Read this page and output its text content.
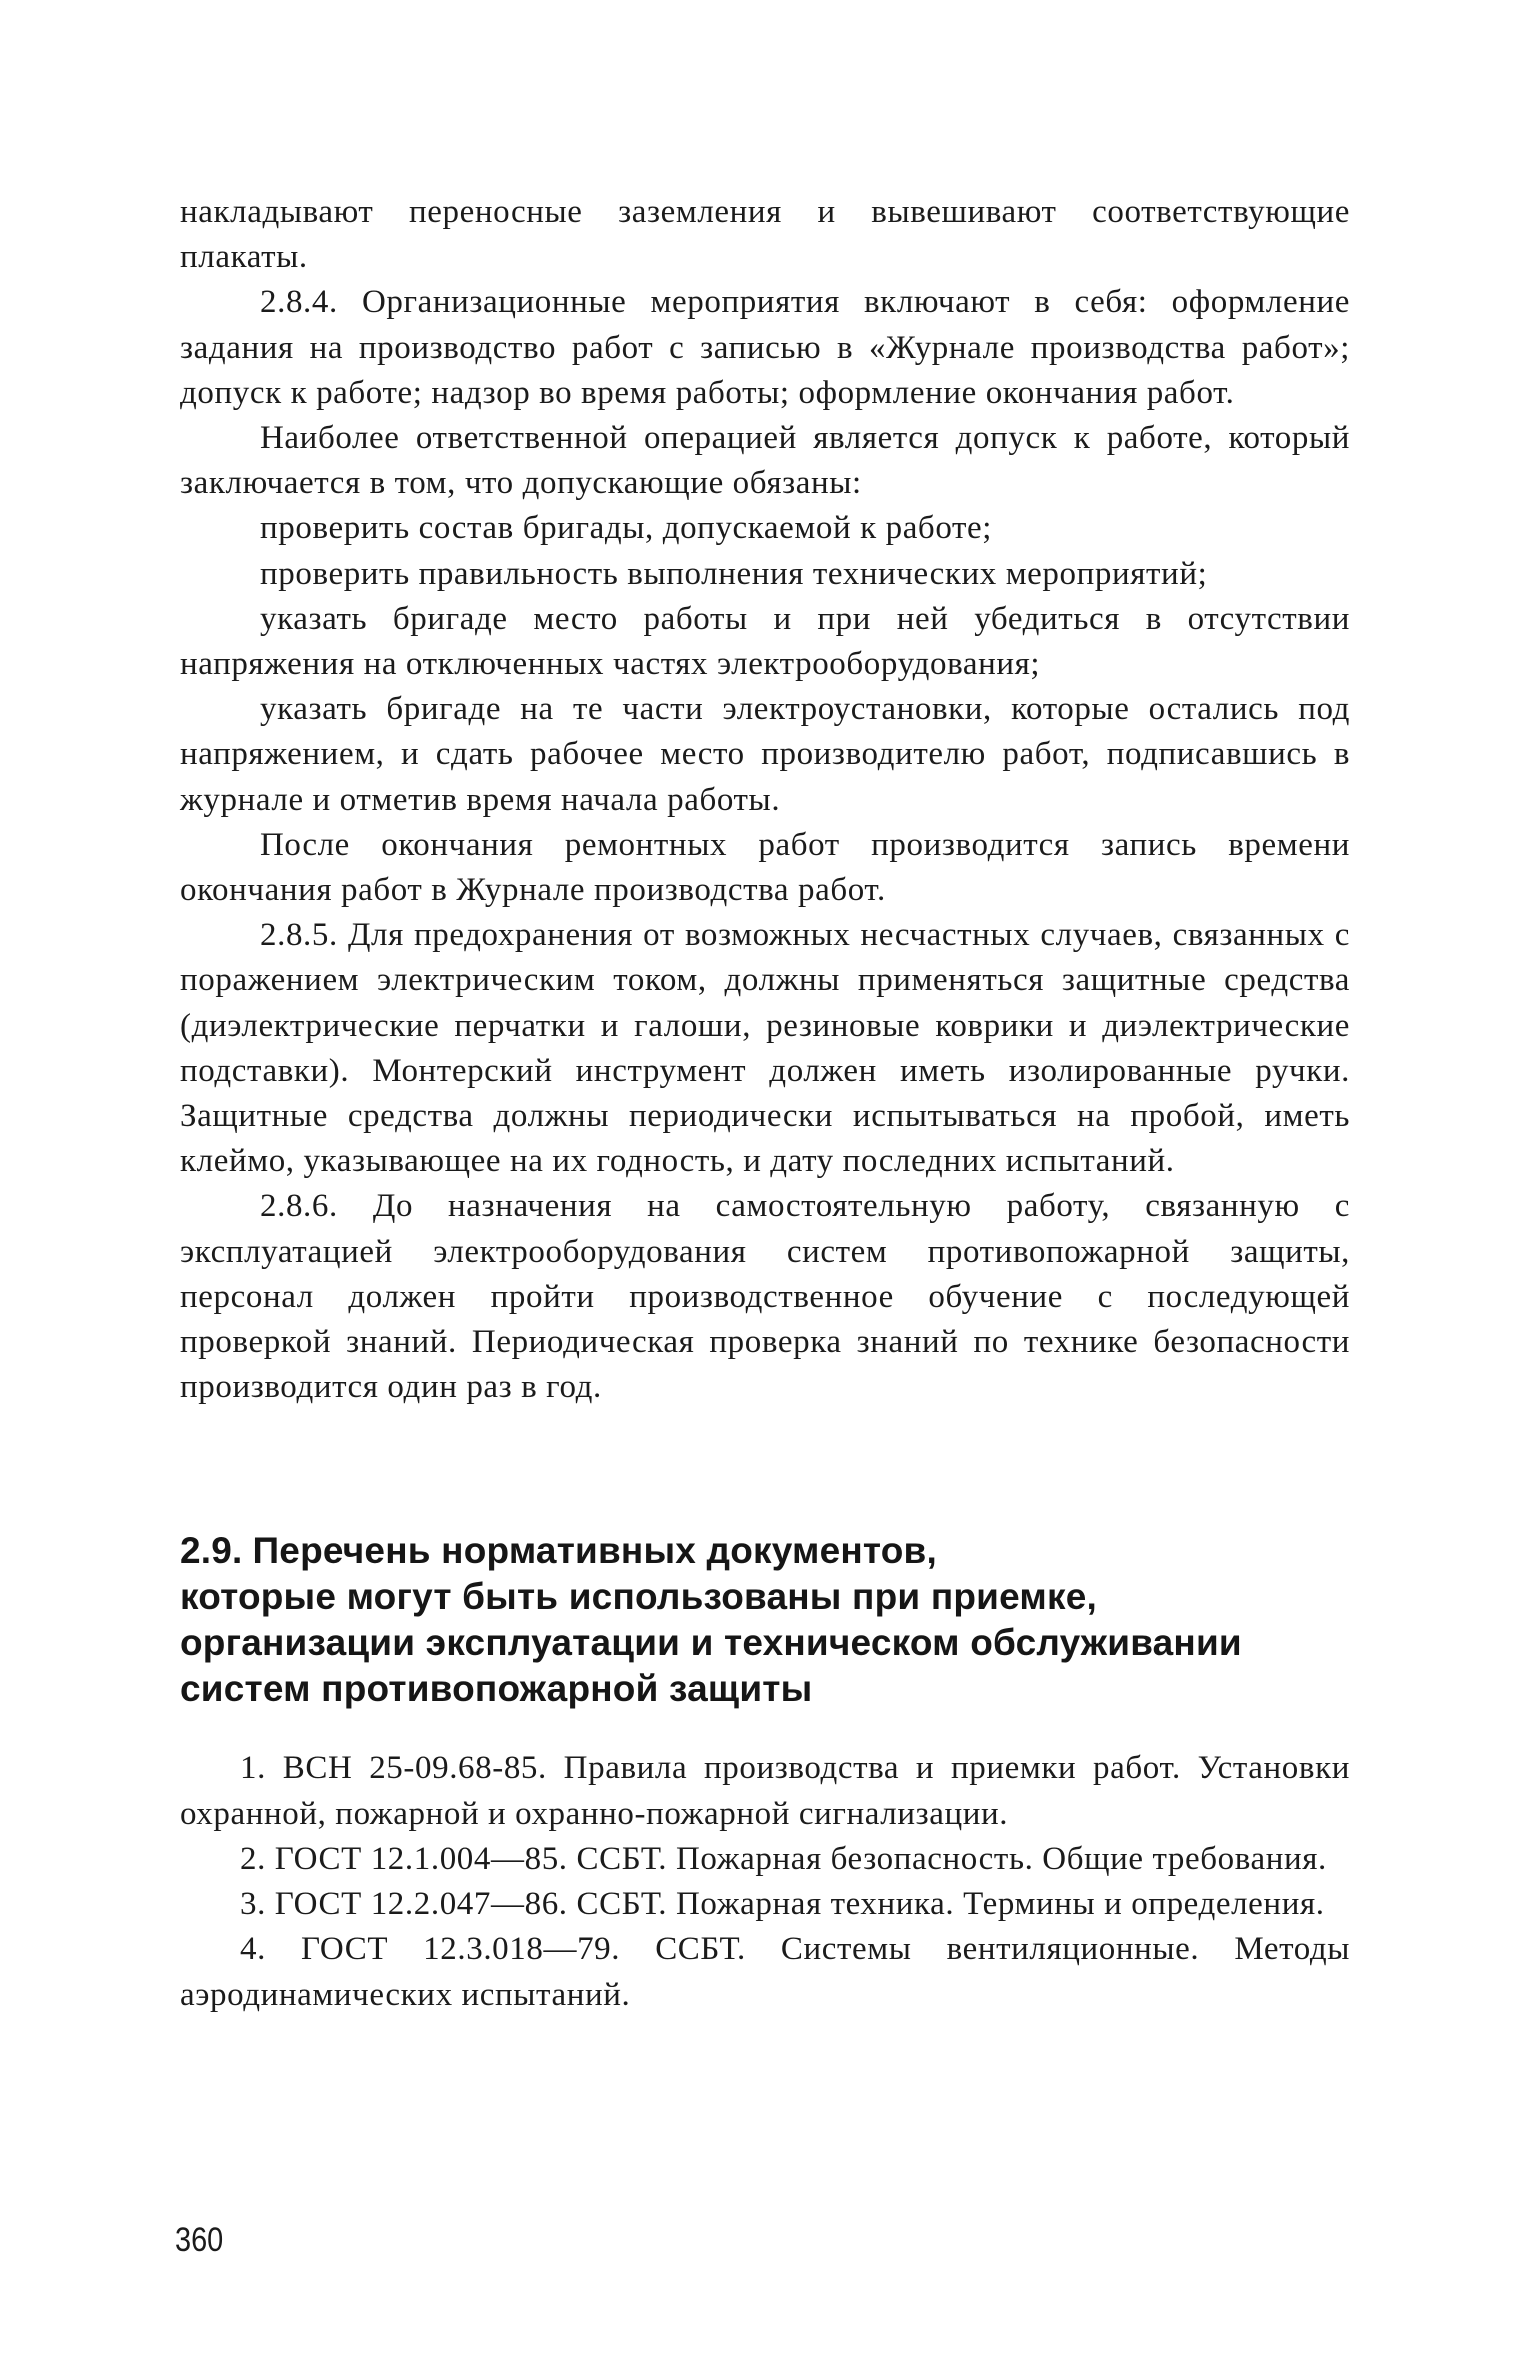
накладывают переносные заземления и вывешивают соответствующие плакаты.

2.8.4. Организационные мероприятия включают в себя: оформление задания на производство работ с записью в «Журнале производства работ»; допуск к работе; надзор во время работы; оформление окончания работ.

Наиболее ответственной операцией является допуск к работе, который заключается в том, что допускающие обязаны:

проверить состав бригады, допускаемой к работе;

проверить правильность выполнения технических мероприятий;

указать бригаде место работы и при ней убедиться в отсутствии напряжения на отключенных частях электрооборудования;

указать бригаде на те части электроустановки, которые остались под напряжением, и сдать рабочее место производителю работ, подписавшись в журнале и отметив время начала работы.

После окончания ремонтных работ производится запись времени окончания работ в Журнале производства работ.

2.8.5. Для предохранения от возможных несчастных случаев, связанных с поражением электрическим током, должны применяться защитные средства (диэлектрические перчатки и галоши, резиновые коврики и диэлектрические подставки). Монтерский инструмент должен иметь изолированные ручки. Защитные средства должны периодически испытываться на пробой, иметь клеймо, указывающее на их годность, и дату последних испытаний.

2.8.6. До назначения на самостоятельную работу, связанную с эксплуатацией электрооборудования систем противопожарной защиты, персонал должен пройти производственное обучение с последующей проверкой знаний. Периодическая проверка знаний по технике безопасности производится один раз в год.

2.9. Перечень нормативных документов,
которые могут быть использованы при приемке,
организации эксплуатации и техническом обслуживании
систем противопожарной защиты

1. ВСН 25-09.68-85. Правила производства и приемки работ. Установки охранной, пожарной и охранно-пожарной сигнализации.

2. ГОСТ 12.1.004—85. ССБТ. Пожарная безопасность. Общие требования.

3. ГОСТ 12.2.047—86. ССБТ. Пожарная техника. Термины и определения.

4. ГОСТ 12.3.018—79. ССБТ. Системы вентиляционные. Методы аэродинамических испытаний.

360
